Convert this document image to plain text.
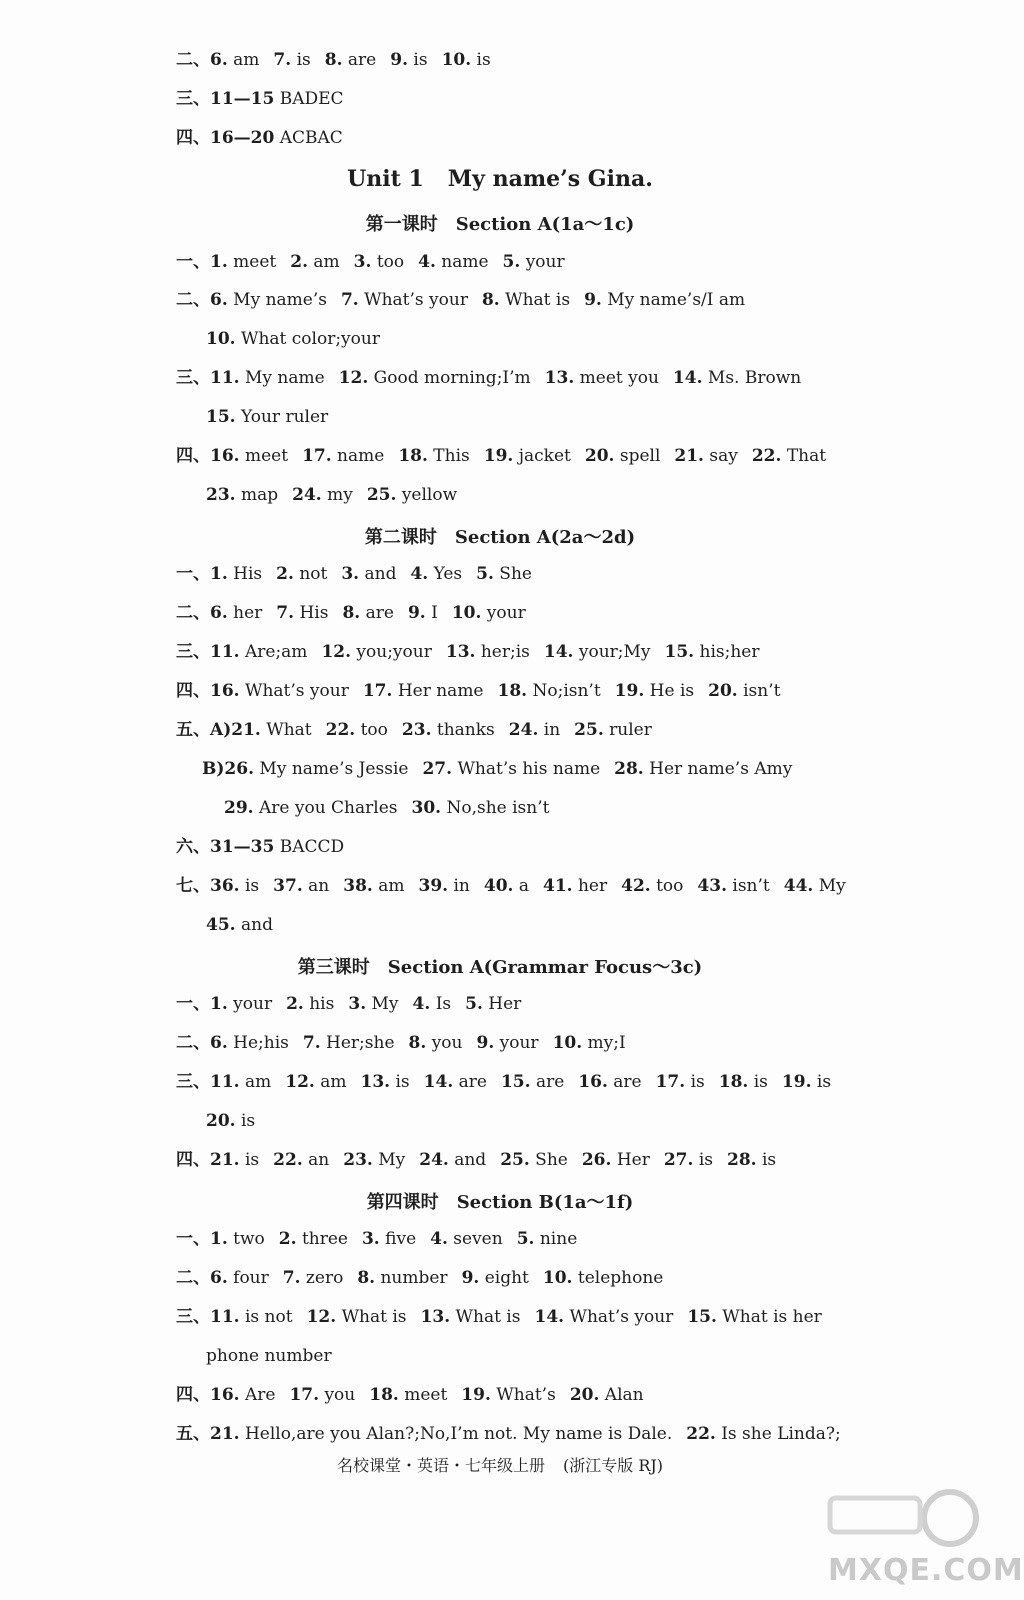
二、6. am 7. is 8. are 9. is 10. is
三、11—15 BADEC
四、16—20 ACBAC
Unit 1 My name’s Gina.
第一课时 Section A(1a～1c)
一、1. meet 2. am 3. too 4. name 5. your
二、6. My name’s 7. What’s your 8. What is 9. My name’s/I am
10. What color;your
三、11. My name 12. Good morning;I’m 13. meet you 14. Ms. Brown
15. Your ruler
四、16. meet 17. name 18. This 19. jacket 20. spell 21. say 22. That
23. map 24. my 25. yellow
第二课时 Section A(2a～2d)
一、1. His 2. not 3. and 4. Yes 5. She
二、6. her 7. His 8. are 9. I 10. your
三、11. Are;am 12. you;your 13. her;is 14. your;My 15. his;her
四、16. What’s your 17. Her name 18. No;isn’t 19. He is 20. isn’t
五、A)21. What 22. too 23. thanks 24. in 25. ruler
B)26. My name’s Jessie 27. What’s his name 28. Her name’s Amy
29. Are you Charles 30. No,she isn’t
六、31—35 BACCD
七、36. is 37. an 38. am 39. in 40. a 41. her 42. too 43. isn’t 44. My
45. and
第三课时 Section A(Grammar Focus～3c)
一、1. your 2. his 3. My 4. Is 5. Her
二、6. He;his 7. Her;she 8. you 9. your 10. my;I
三、11. am 12. am 13. is 14. are 15. are 16. are 17. is 18. is 19. is
20. is
四、21. is 22. an 23. My 24. and 25. She 26. Her 27. is 28. is
第四课时 Section B(1a～1f)
一、1. two 2. three 3. five 4. seven 5. nine
二、6. four 7. zero 8. number 9. eight 10. telephone
三、11. is not 12. What is 13. What is 14. What’s your 15. What is her
phone number
四、16. Are 17. you 18. meet 19. What’s 20. Alan
五、21. Hello,are you Alan?;No,I’m not. My name is Dale. 22. Is she Linda?;
名校课堂・英语・七年级上册 (浙江专版 RJ)
MXQE.COM
